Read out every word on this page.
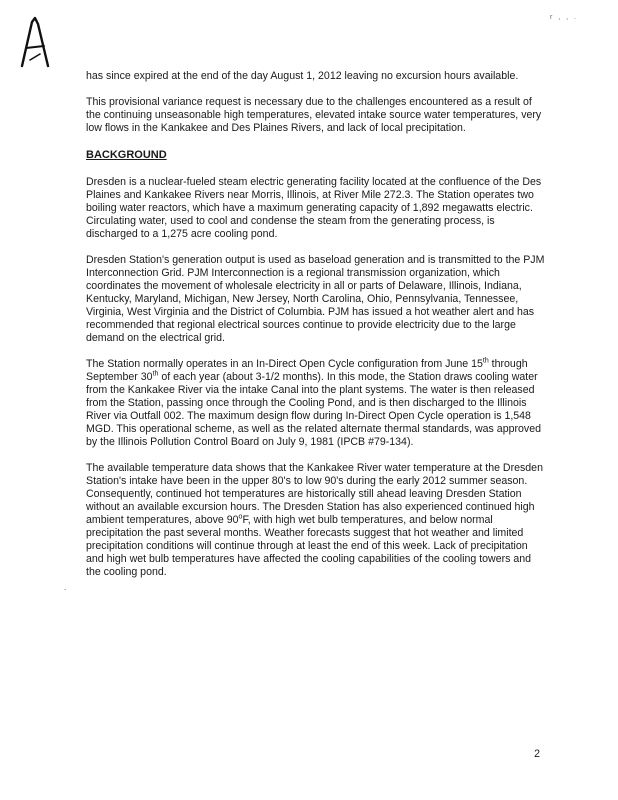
r , , .

has since expired at the end of the day August 1, 2012 leaving no excursion hours available.

This provisional variance request is necessary due to the challenges encountered as a result of the continuing unseasonable high temperatures, elevated intake source water temperatures, very low flows in the Kankakee and Des Plaines Rivers, and lack of local precipitation.

BACKGROUND

Dresden is a nuclear-fueled steam electric generating facility located at the confluence of the Des Plaines and Kankakee Rivers near Morris, Illinois, at River Mile 272.3. The Station operates two boiling water reactors, which have a maximum generating capacity of 1,892 megawatts electric. Circulating water, used to cool and condense the steam from the generating process, is discharged to a 1,275 acre cooling pond.

Dresden Station's generation output is used as baseload generation and is transmitted to the PJM Interconnection Grid. PJM Interconnection is a regional transmission organization, which coordinates the movement of wholesale electricity in all or parts of Delaware, Illinois, Indiana, Kentucky, Maryland, Michigan, New Jersey, North Carolina, Ohio, Pennsylvania, Tennessee, Virginia, West Virginia and the District of Columbia. PJM has issued a hot weather alert and has recommended that regional electrical sources continue to provide electricity due to the large demand on the electrical grid.

The Station normally operates in an In-Direct Open Cycle configuration from June 15th through September 30th of each year (about 3-1/2 months). In this mode, the Station draws cooling water from the Kankakee River via the intake Canal into the plant systems. The water is then released from the Station, passing once through the Cooling Pond, and is then discharged to the Illinois River via Outfall 002. The maximum design flow during In-Direct Open Cycle operation is 1,548 MGD. This operational scheme, as well as the related alternate thermal standards, was approved by the Illinois Pollution Control Board on July 9, 1981 (IPCB #79-134).

The available temperature data shows that the Kankakee River water temperature at the Dresden Station's intake have been in the upper 80's to low 90's during the early 2012 summer season. Consequently, continued hot temperatures are historically still ahead leaving Dresden Station without an available excursion hours. The Dresden Station has also experienced continued high ambient temperatures, above 90$^o$F, with high wet bulb temperatures, and below normal precipitation the past several months. Weather forecasts suggest that hot weather and limited precipitation conditions will continue through at least the end of this week. Lack of precipitation and high wet bulb temperatures have affected the cooling capabilities of the cooling towers and the cooling pond.

.
2
